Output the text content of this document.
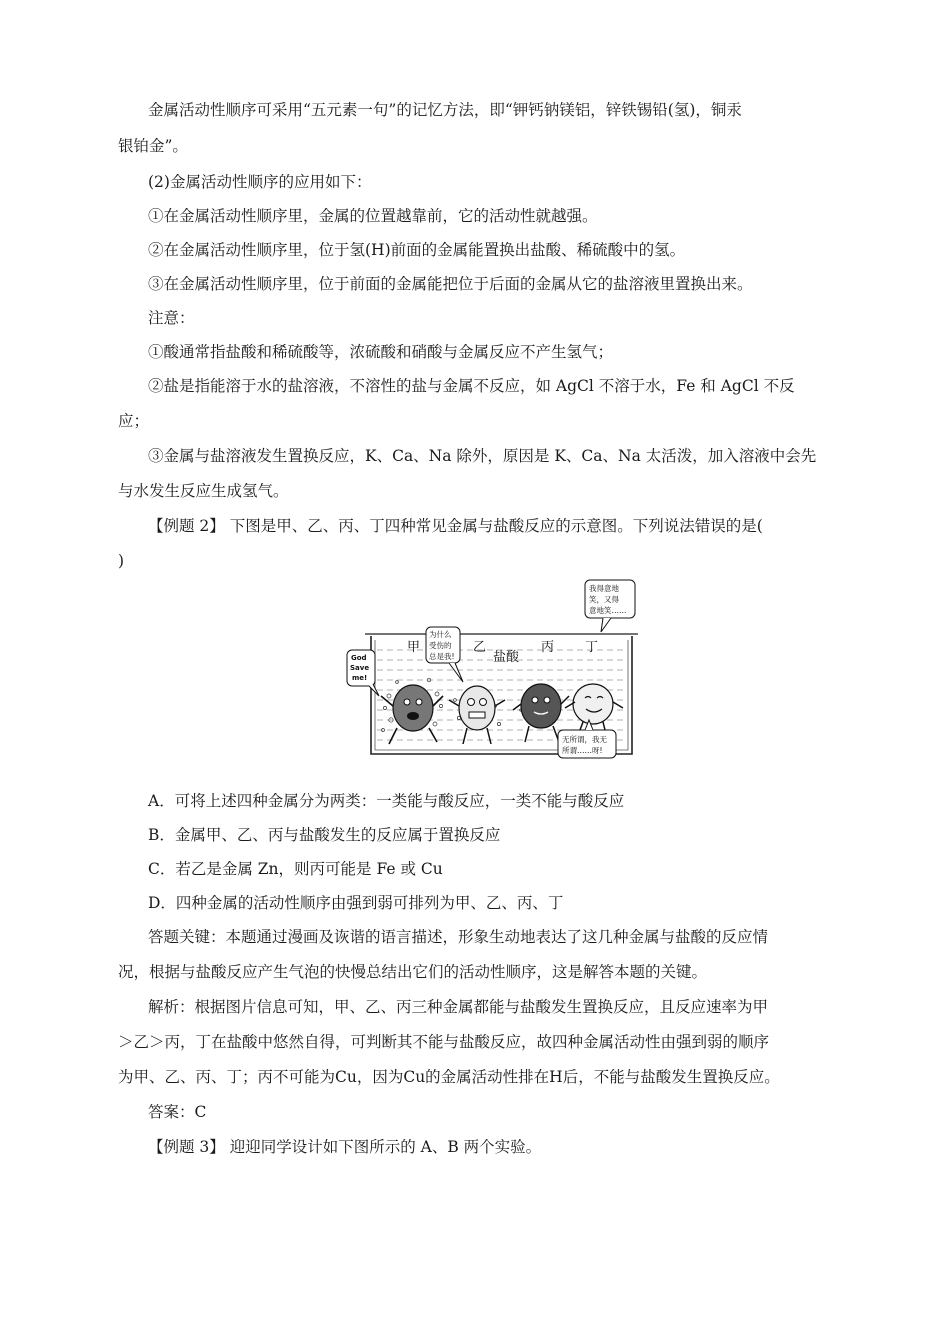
金属活动性顺序可采用“五元素一句”的记忆方法，即“钾钙钠镁铝，锌铁锡铅(氢)，铜汞
银铂金”。
(2)金属活动性顺序的应用如下：
①在金属活动性顺序里，金属的位置越靠前，它的活动性就越强。
②在金属活动性顺序里，位于氢(H)前面的金属能置换出盐酸、稀硫酸中的氢。
③在金属活动性顺序里，位于前面的金属能把位于后面的金属从它的盐溶液里置换出来。
注意：
①酸通常指盐酸和稀硫酸等，浓硫酸和硝酸与金属反应不产生氢气；
②盐是指能溶于水的盐溶液，不溶性的盐与金属不反应，如 AgCl 不溶于水，Fe 和 AgCl 不反
应；
③金属与盐溶液发生置换反应，K、Ca、Na 除外，原因是 K、Ca、Na 太活泼，加入溶液中会先
与水发生反应生成氢气。
【例题 2】 下图是甲、乙、丙、丁四种常见金属与盐酸反应的示意图。下列说法错误的是(
)
甲	乙
盐酸
丙 丁
God
Save
me!
为什么
受伤的
总是我!
我得意地
笑，又得
意地笑……
无所谓，我无
所谓……呀!
A．可将上述四种金属分为两类：一类能与酸反应，一类不能与酸反应
B．金属甲、乙、丙与盐酸发生的反应属于置换反应
C．若乙是金属 Zn，则丙可能是 Fe 或 Cu
D．四种金属的活动性顺序由强到弱可排列为甲、乙、丙、丁
答题关键：本题通过漫画及诙谐的语言描述，形象生动地表达了这几种金属与盐酸的反应情
况，根据与盐酸反应产生气泡的快慢总结出它们的活动性顺序，这是解答本题的关键。
解析：根据图片信息可知，甲、乙、丙三种金属都能与盐酸发生置换反应，且反应速率为甲
＞乙＞丙，丁在盐酸中悠然自得，可判断其不能与盐酸反应，故四种金属活动性由强到弱的顺序
为甲、乙、丙、丁；丙不可能为Cu，因为Cu的金属活动性排在H后，不能与盐酸发生置换反应。
答案：C
【例题 3】 迎迎同学设计如下图所示的 A、B 两个实验。
